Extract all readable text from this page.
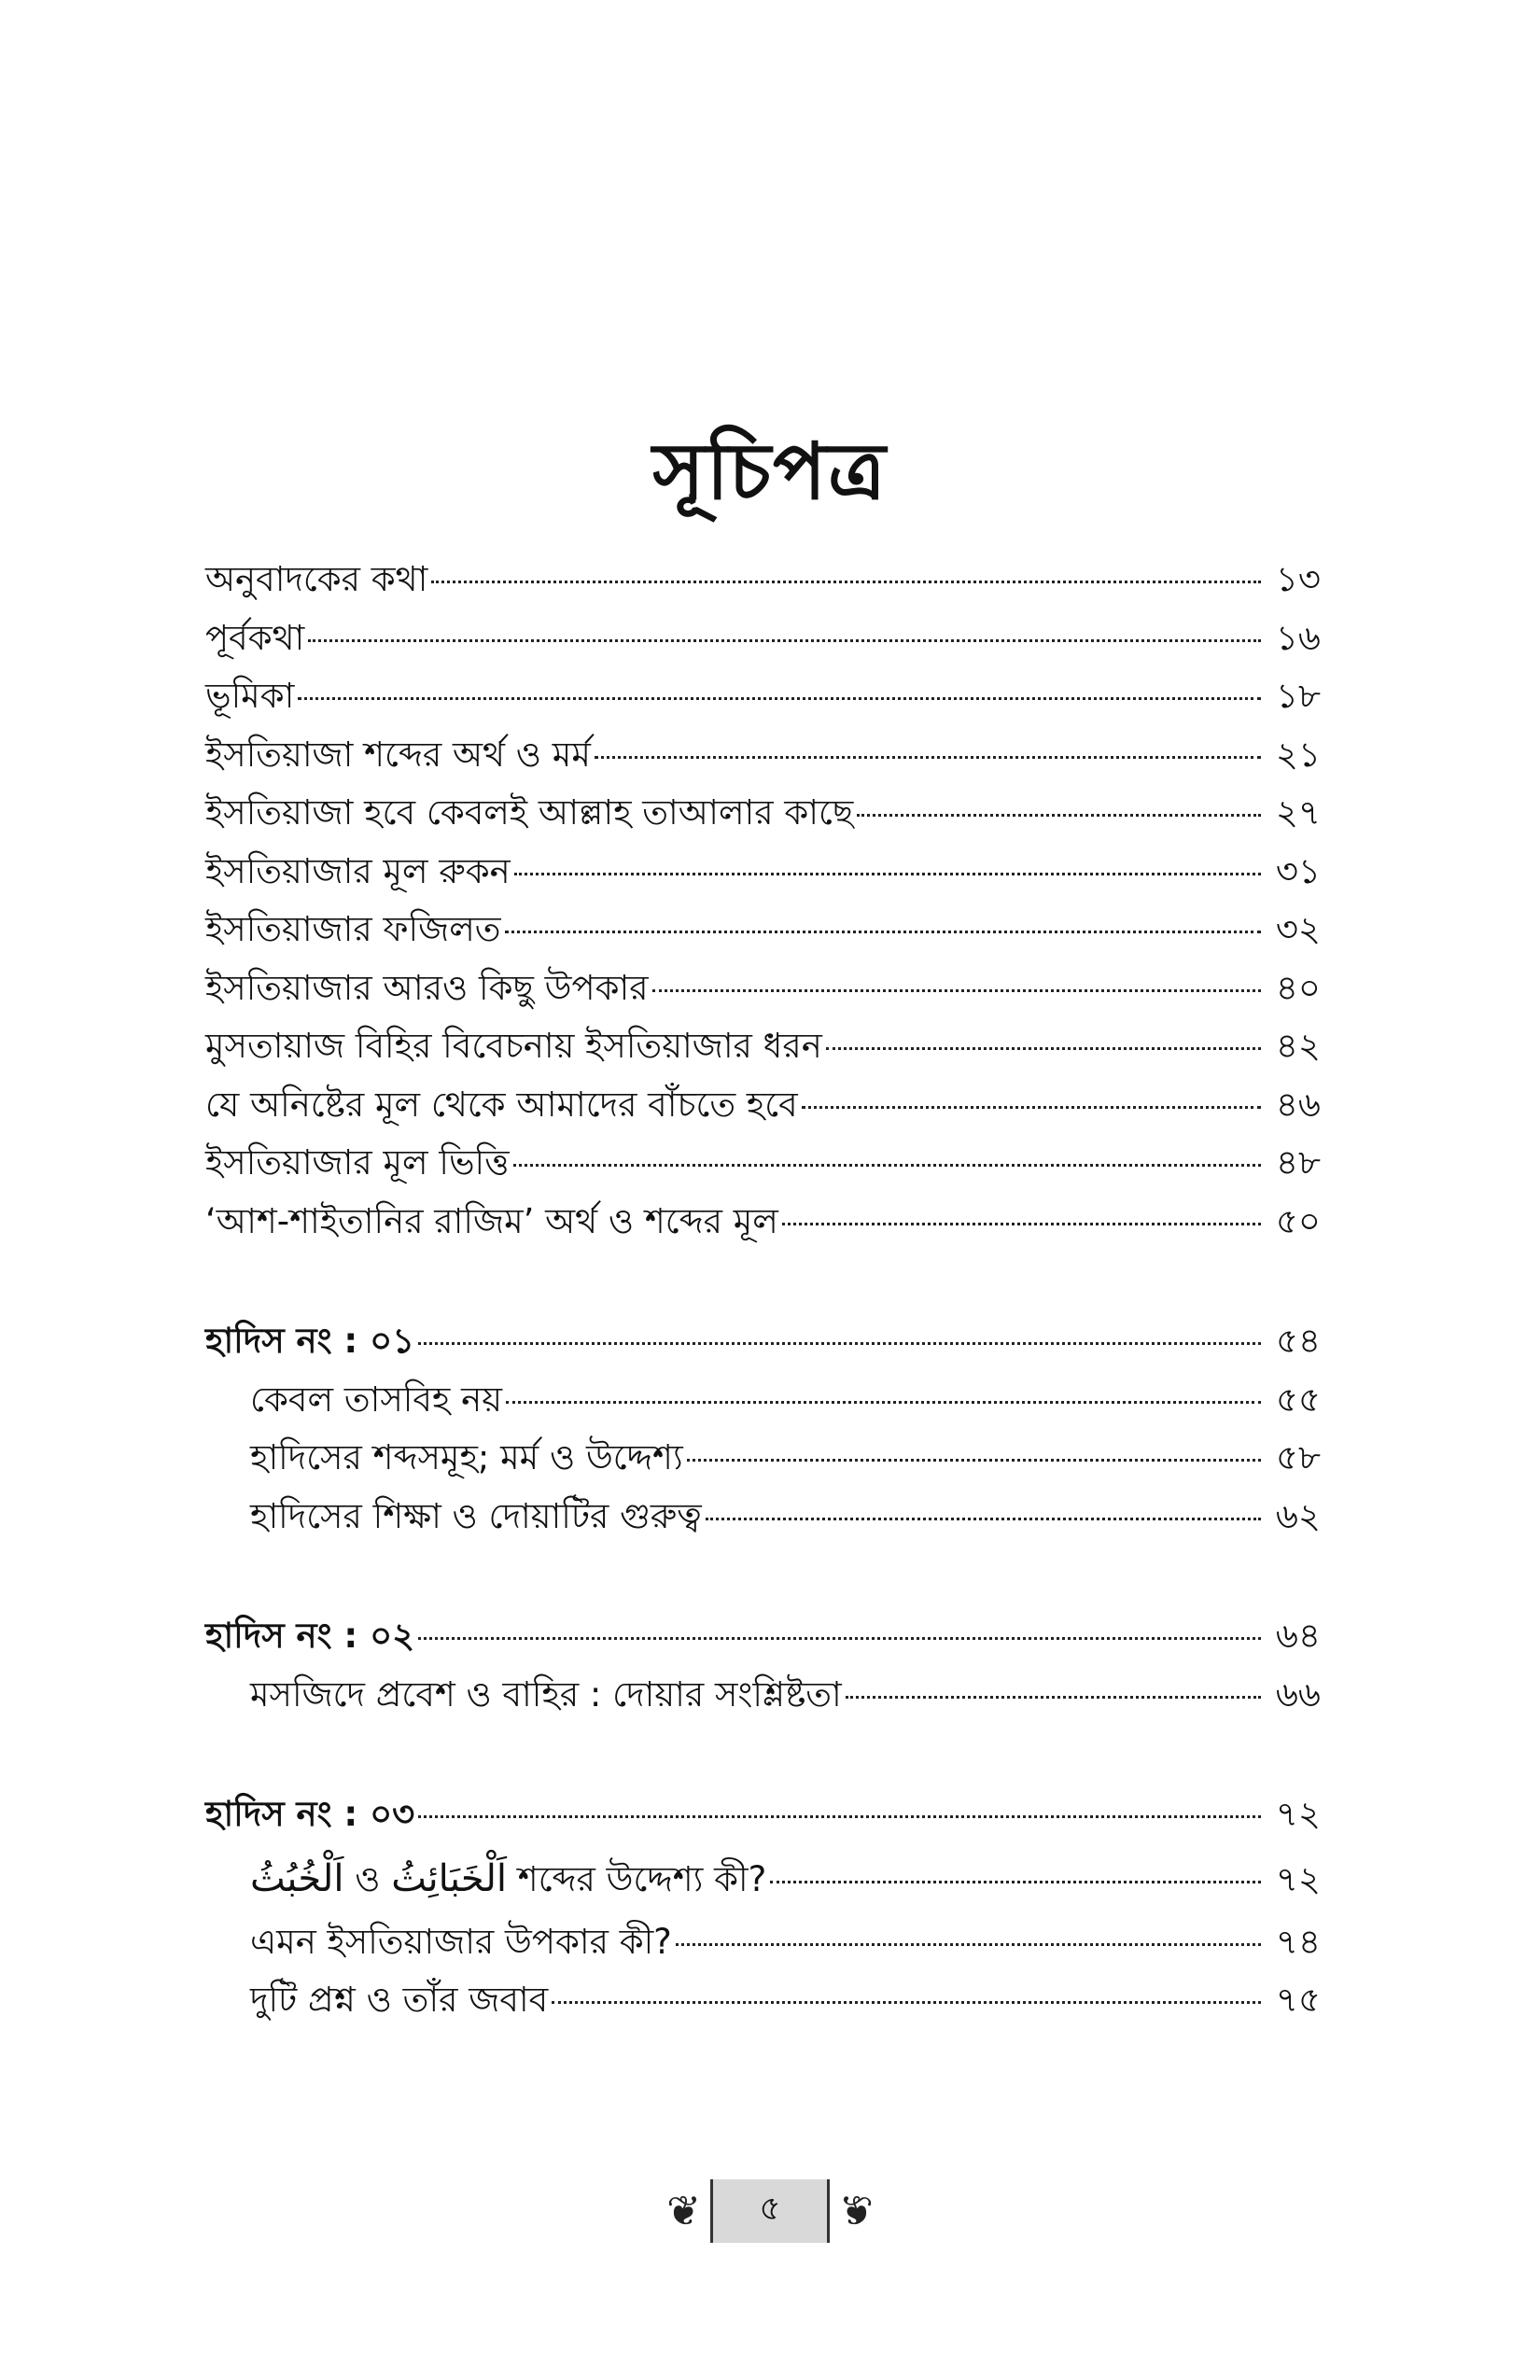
সূচিপত্র
অনুবাদকের কথা	১৩
পূর্বকথা	১৬
ভূমিকা	১৮
ইসতিয়াজা শব্দের অর্থ ও মর্ম	২১
ইসতিয়াজা হবে কেবলই আল্লাহ তাআলার কাছে	২৭
ইসতিয়াজার মূল রুকন	৩১
ইসতিয়াজার ফজিলত	৩২
ইসতিয়াজার আরও কিছু উপকার	৪০
মুসতায়াজ বিহির বিবেচনায় ইসতিয়াজার ধরন	৪২
যে অনিষ্টের মূল থেকে আমাদের বাঁচতে হবে	৪৬
ইসতিয়াজার মূল ভিত্তি	৪৮
‘আশ-শাইতানির রাজিম’ অর্থ ও শব্দের মূল	৫০
হাদিস নং : ০১	৫৪
কেবল তাসবিহ নয়	৫৫
হাদিসের শব্দসমূহ; মর্ম ও উদ্দেশ্য	৫৮
হাদিসের শিক্ষা ও দোয়াটির গুরুত্ব	৬২
হাদিস নং : ০২	৬৪
মসজিদে প্রবেশ ও বাহির : দোয়ার সংশ্লিষ্টতা	৬৬
হাদিস নং : ০৩	৭২
اَلْخُبُثُ ও اَلْخَبَائِثُ শব্দের উদ্দেশ্য কী?	৭২
এমন ইসতিয়াজার উপকার কী?	৭৪
দুটি প্রশ্ন ও তাঁর জবাব	৭৫
❦	৫	❦
